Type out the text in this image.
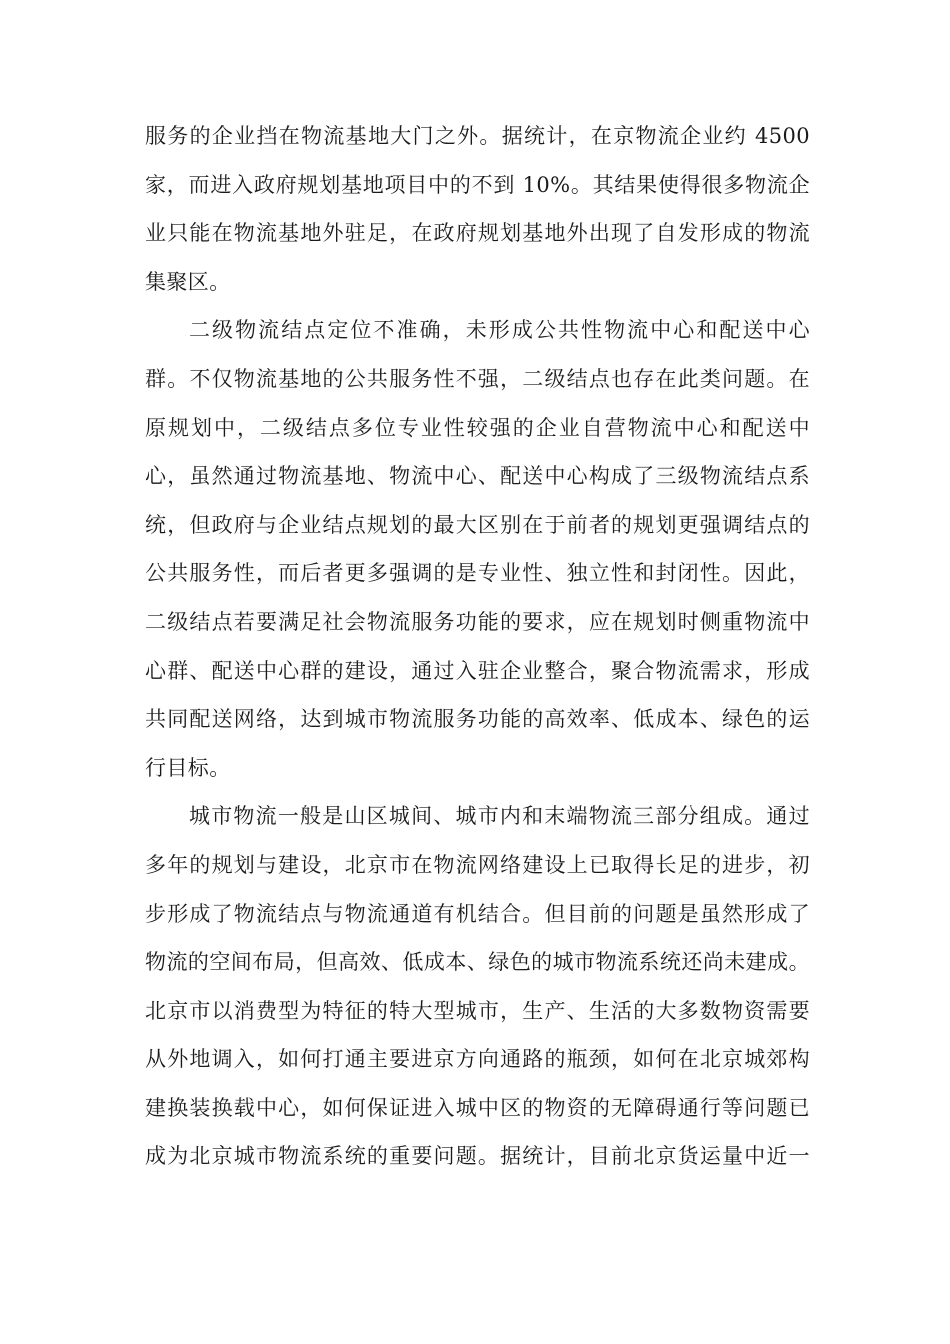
服务的企业挡在物流基地大门之外。据统计，在京物流企业约 4500
家，而进入政府规划基地项目中的不到 10%。其结果使得很多物流企
业只能在物流基地外驻足，在政府规划基地外出现了自发形成的物流
集聚区。
二级物流结点定位不准确，未形成公共性物流中心和配送中心
群。不仅物流基地的公共服务性不强，二级结点也存在此类问题。在
原规划中，二级结点多位专业性较强的企业自营物流中心和配送中
心，虽然通过物流基地、物流中心、配送中心构成了三级物流结点系
统，但政府与企业结点规划的最大区别在于前者的规划更强调结点的
公共服务性，而后者更多强调的是专业性、独立性和封闭性。因此，
二级结点若要满足社会物流服务功能的要求，应在规划时侧重物流中
心群、配送中心群的建设，通过入驻企业整合，聚合物流需求，形成
共同配送网络，达到城市物流服务功能的高效率、低成本、绿色的运
行目标。
城市物流一般是山区城间、城市内和末端物流三部分组成。通过
多年的规划与建设，北京市在物流网络建设上已取得长足的进步，初
步形成了物流结点与物流通道有机结合。但目前的问题是虽然形成了
物流的空间布局，但高效、低成本、绿色的城市物流系统还尚未建成。
北京市以消费型为特征的特大型城市，生产、生活的大多数物资需要
从外地调入，如何打通主要进京方向通路的瓶颈，如何在北京城郊构
建换装换载中心，如何保证进入城中区的物资的无障碍通行等问题已
成为北京城市物流系统的重要问题。据统计，目前北京货运量中近一
